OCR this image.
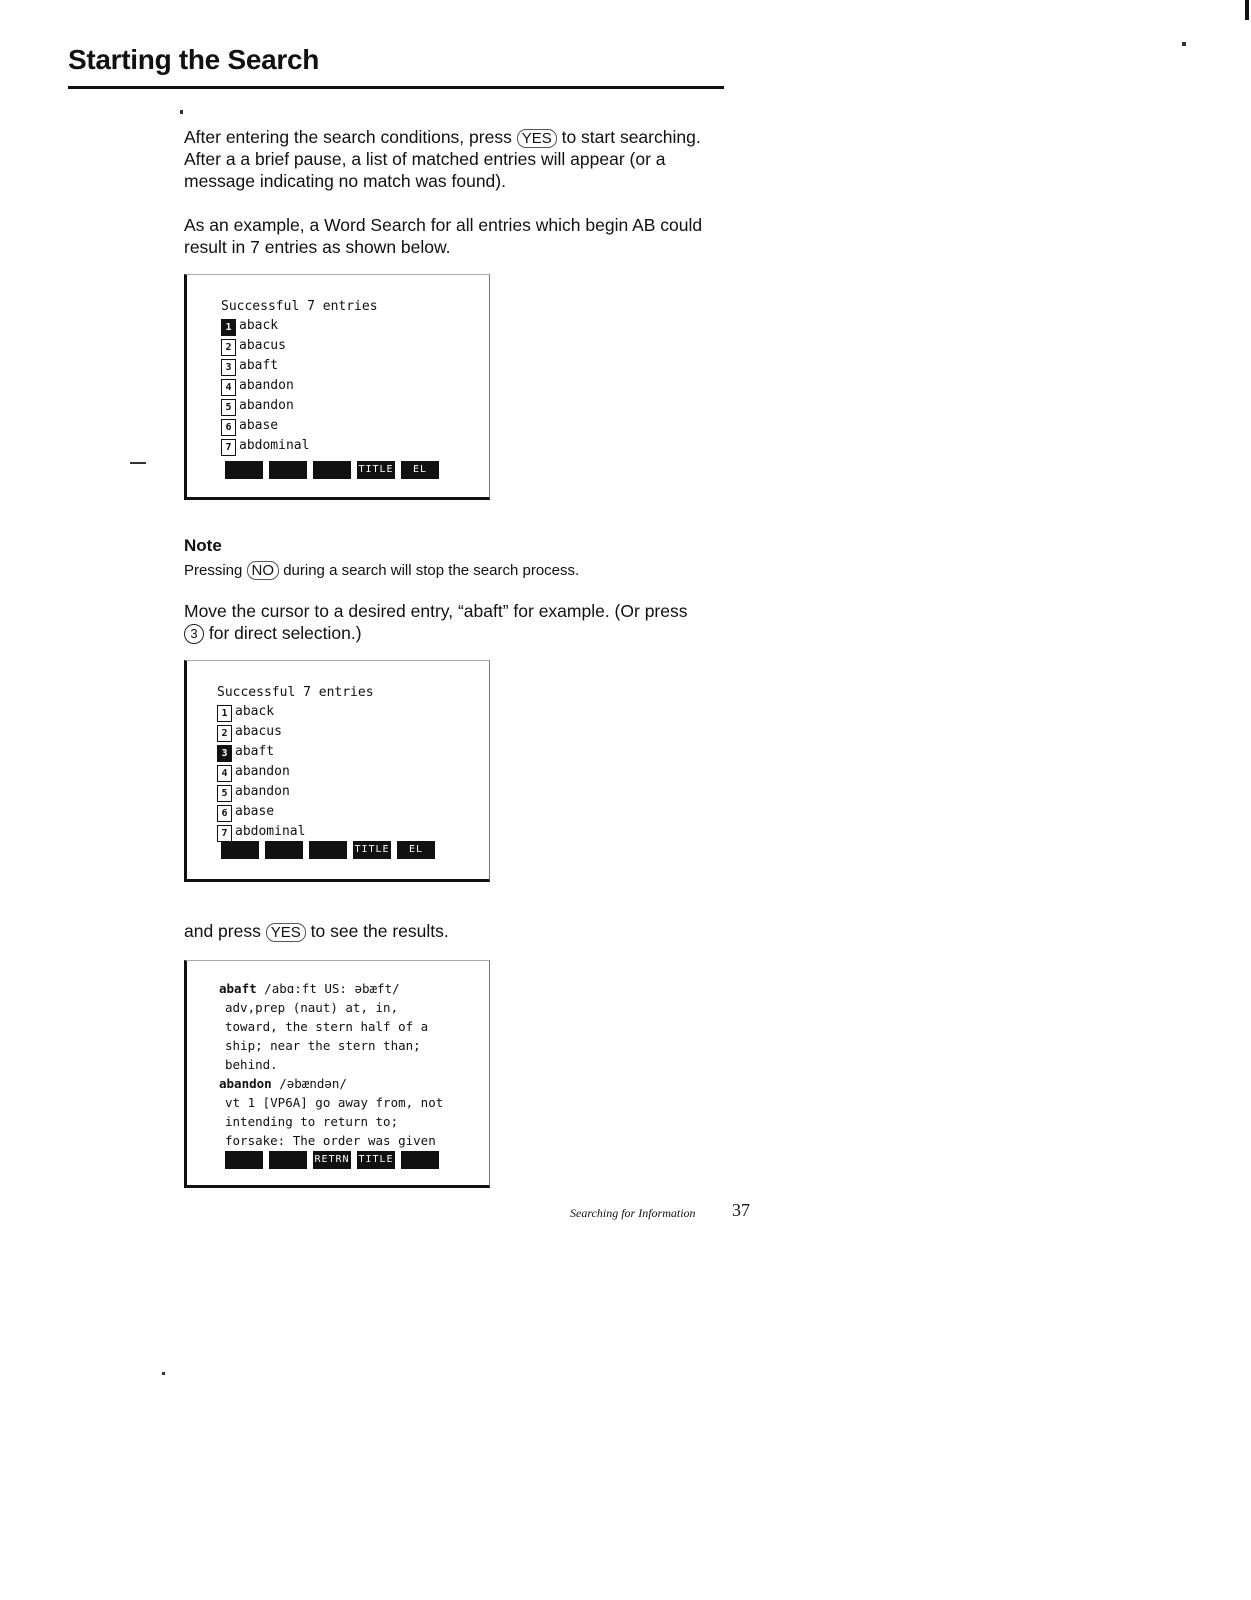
Starting the Search

After entering the search conditions, press YES to start searching. After a a brief pause, a list of matched entries will appear (or a message indicating no match was found).

As an example, a Word Search for all entries which begin AB could result in 7 entries as shown below.

Successful 7 entries

1 aback

2 abacus

3 abaft

4 abandon

5 abandon

6 abase

7 abdominal

TITLE	EL
Note
Pressing NO during a search will stop the search process.

Move the cursor to a desired entry, “abaft” for example. (Or press 3 for direct selection.)

Successful 7 entries

1 aback

2 abacus

3 abaft

4 abandon

5 abandon

6 abase

7 abdominal

TITLE	EL

and press YES to see the results.

abaft /abɑ:ft US: əbæft/

adv,prep (naut) at, in,

toward, the stern half of a

ship; near the stern than;

behind.

abandon /əbændən/

vt 1 [VP6A] go away from, not

intending to return to;

forsake: The order was given

RETRN TITLE
Searching for Information 37
